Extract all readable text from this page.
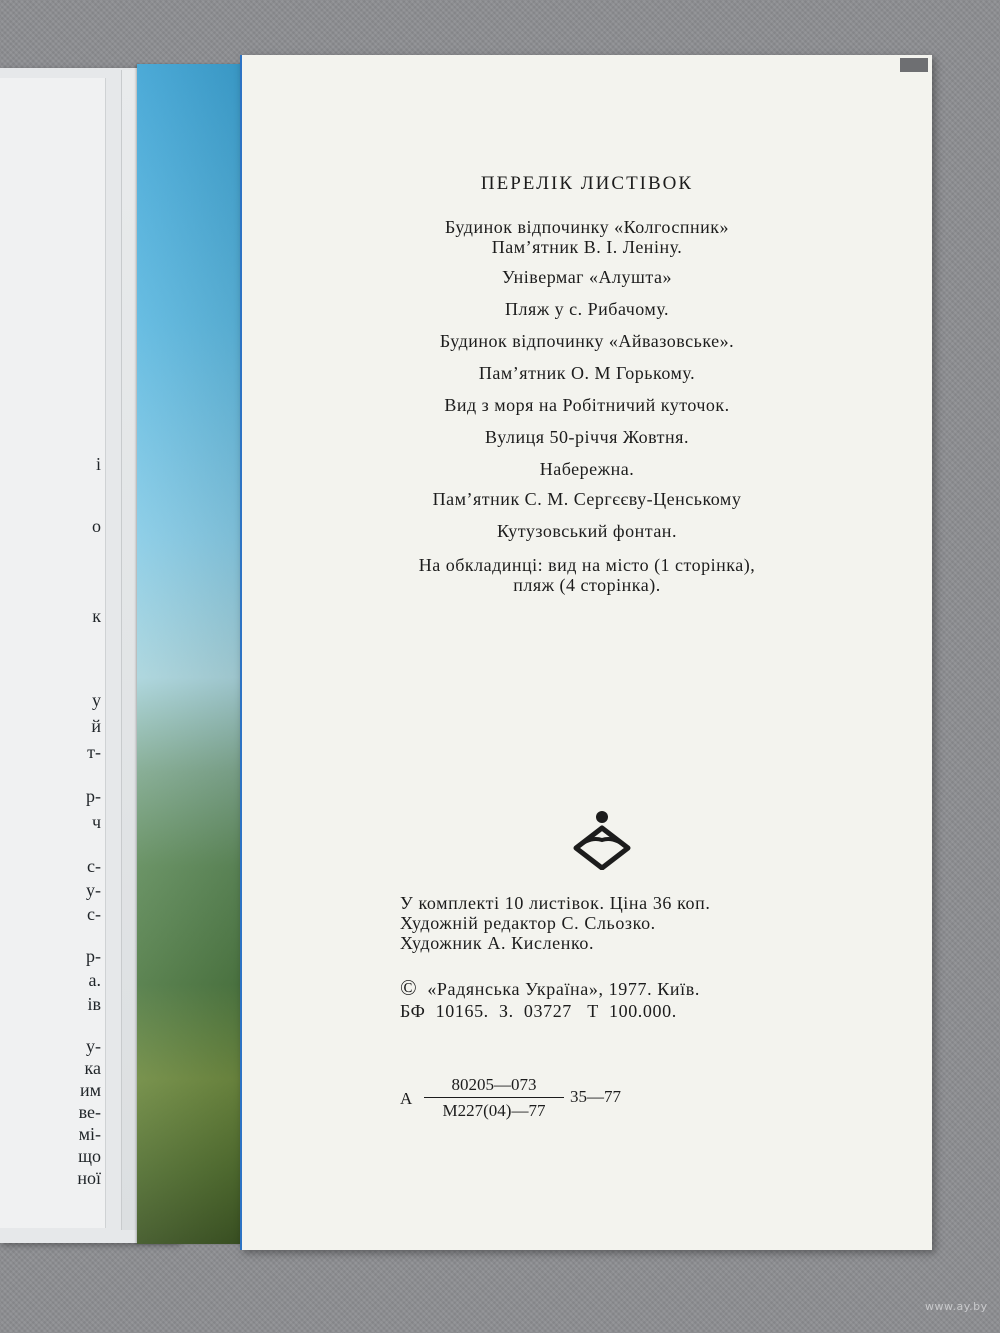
і
о
к
у
й
т-
р-
ч
с-
у-
с-
р-
а.
ів
у-
ка
им
ве-
мі-
що
ної
ПЕРЕЛІК ЛИСТІВОК
Будинок відпочинку «Колгоспник»
Пам’ятник В. І. Леніну.
Універмаг «Алушта»
Пляж у с. Рибачому.
Будинок відпочинку «Айвазовське».
Пам’ятник О. М Горькому.
Вид з моря на Робітничий куточок.
Вулиця 50-річчя Жовтня.
Набережна.
Пам’ятник С. М. Сергєєву-Ценському
Кутузовський фонтан.
На обкладинці: вид на місто (1 сторінка),
пляж (4 сторінка).
У комплекті 10 листівок. Ціна 36 коп.
Художній редактор С. Сльозко.
Художник А. Кисленко.
© «Радянська Україна», 1977. Київ.
БФ  10165.  З.  03727   Т  100.000.
А
80205—073
М227(04)—77
35—77
www.ay.by
